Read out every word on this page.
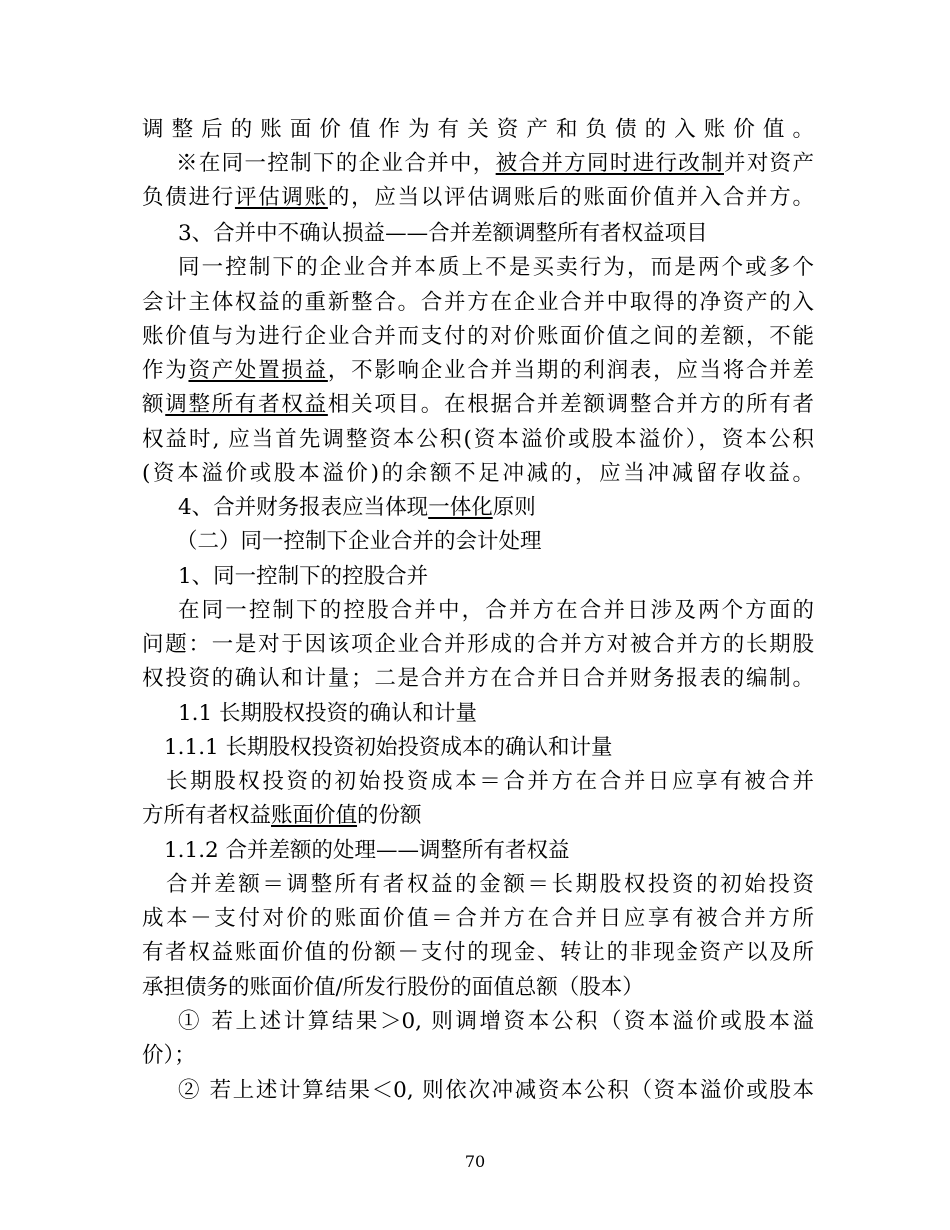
调整后的账面价值作为有关资产和负债的入账价值。
※在同一控制下的企业合并中，被合并方同时进行改制并对资产
负债进行评估调账的，应当以评估调账后的账面价值并入合并方。
3、合并中不确认损益——合并差额调整所有者权益项目
同一控制下的企业合并本质上不是买卖行为，而是两个或多个
会计主体权益的重新整合。合并方在企业合并中取得的净资产的入
账价值与为进行企业合并而支付的对价账面价值之间的差额，不能
作为资产处置损益，不影响企业合并当期的利润表，应当将合并差
额调整所有者权益相关项目。在根据合并差额调整合并方的所有者
权益时, 应当首先调整资本公积(资本溢价或股本溢价），资本公积
(资本溢价或股本溢价)的余额不足冲减的，应当冲减留存收益。
4、合并财务报表应当体现一体化原则
（二）同一控制下企业合并的会计处理
1、同一控制下的控股合并
在同一控制下的控股合并中，合并方在合并日涉及两个方面的
问题：一是对于因该项企业合并形成的合并方对被合并方的长期股
权投资的确认和计量；二是合并方在合并日合并财务报表的编制。
1.1 长期股权投资的确认和计量
1.1.1 长期股权投资初始投资成本的确认和计量
长期股权投资的初始投资成本＝合并方在合并日应享有被合并
方所有者权益账面价值的份额
1.1.2 合并差额的处理——调整所有者权益
合并差额＝调整所有者权益的金额＝长期股权投资的初始投资
成本－支付对价的账面价值＝合并方在合并日应享有被合并方所
有者权益账面价值的份额－支付的现金、转让的非现金资产以及所
承担债务的账面价值/所发行股份的面值总额（股本）
① 若上述计算结果＞0, 则调增资本公积（资本溢价或股本溢
价）；
② 若上述计算结果＜0, 则依次冲减资本公积（资本溢价或股本
70
